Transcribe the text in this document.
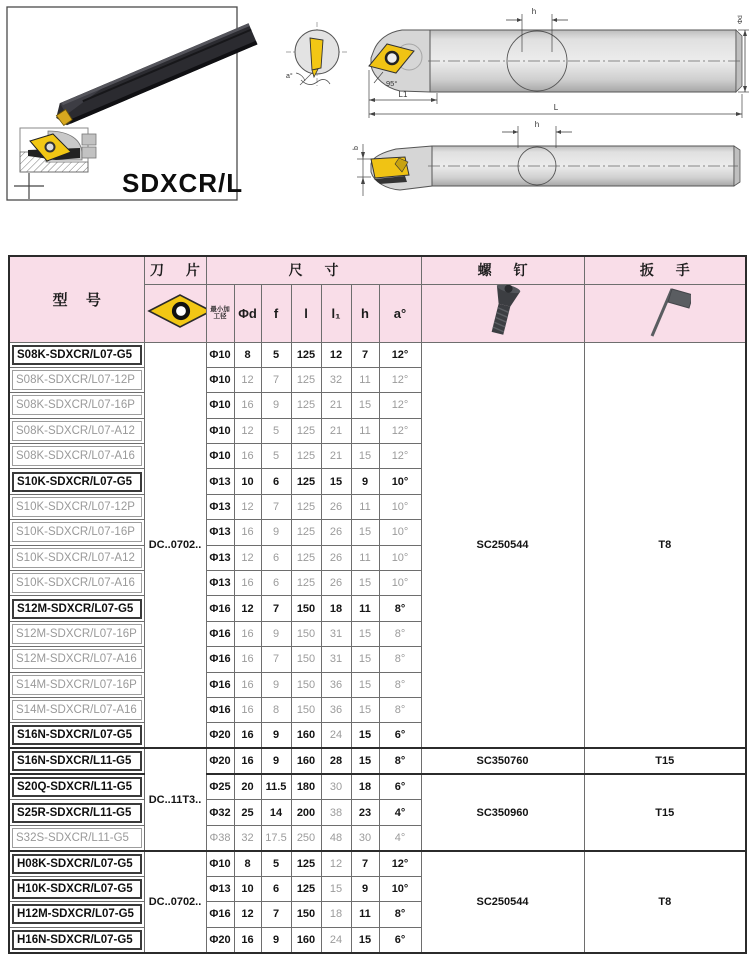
SDXCR/L
a°
h
Φd
95°
L1
L
h
b
型 号	刀 片	尺 寸							螺 钉	扳 手

最小加
工径	Φd	f	l	l₁	h	a°		

S08K-SDXCR/L07-G5	DC..0702..	Φ10	8	5	125	12	7	12°	SC250544	T8

S08K-SDXCR/L07-12P		Φ10	12	7	125	32	11	12°		

S08K-SDXCR/L07-16P		Φ10	16	9	125	21	15	12°		

S08K-SDXCR/L07-A12		Φ10	12	5	125	21	11	12°		

S08K-SDXCR/L07-A16		Φ10	16	5	125	21	15	12°		

S10K-SDXCR/L07-G5		Φ13	10	6	125	15	9	10°		

S10K-SDXCR/L07-12P		Φ13	12	7	125	26	11	10°		

S10K-SDXCR/L07-16P		Φ13	16	9	125	26	15	10°		

S10K-SDXCR/L07-A12		Φ13	12	6	125	26	11	10°		

S10K-SDXCR/L07-A16		Φ13	16	6	125	26	15	10°		

S12M-SDXCR/L07-G5		Φ16	12	7	150	18	11	8°		

S12M-SDXCR/L07-16P		Φ16	16	9	150	31	15	8°		

S12M-SDXCR/L07-A16		Φ16	16	7	150	31	15	8°		

S14M-SDXCR/L07-16P		Φ16	16	9	150	36	15	8°		

S14M-SDXCR/L07-A16		Φ16	16	8	150	36	15	8°		

S16N-SDXCR/L07-G5		Φ20	16	9	160	24	15	6°		

S16N-SDXCR/L11-G5	DC..11T3..	Φ20	16	9	160	28	15	8°	SC350760	T15

S20Q-SDXCR/L11-G5		Φ25	20	11.5	180	30	18	6°	SC350960	T15

S25R-SDXCR/L11-G5		Φ32	25	14	200	38	23	4°		

S32S-SDXCR/L11-G5		Φ38	32	17.5	250	48	30	4°		

H08K-SDXCR/L07-G5	DC..0702..	Φ10	8	5	125	12	7	12°	SC250544	T8

H10K-SDXCR/L07-G5		Φ13	10	6	125	15	9	10°		

H12M-SDXCR/L07-G5		Φ16	12	7	150	18	11	8°		

H16N-SDXCR/L07-G5		Φ20	16	9	160	24	15	6°		
